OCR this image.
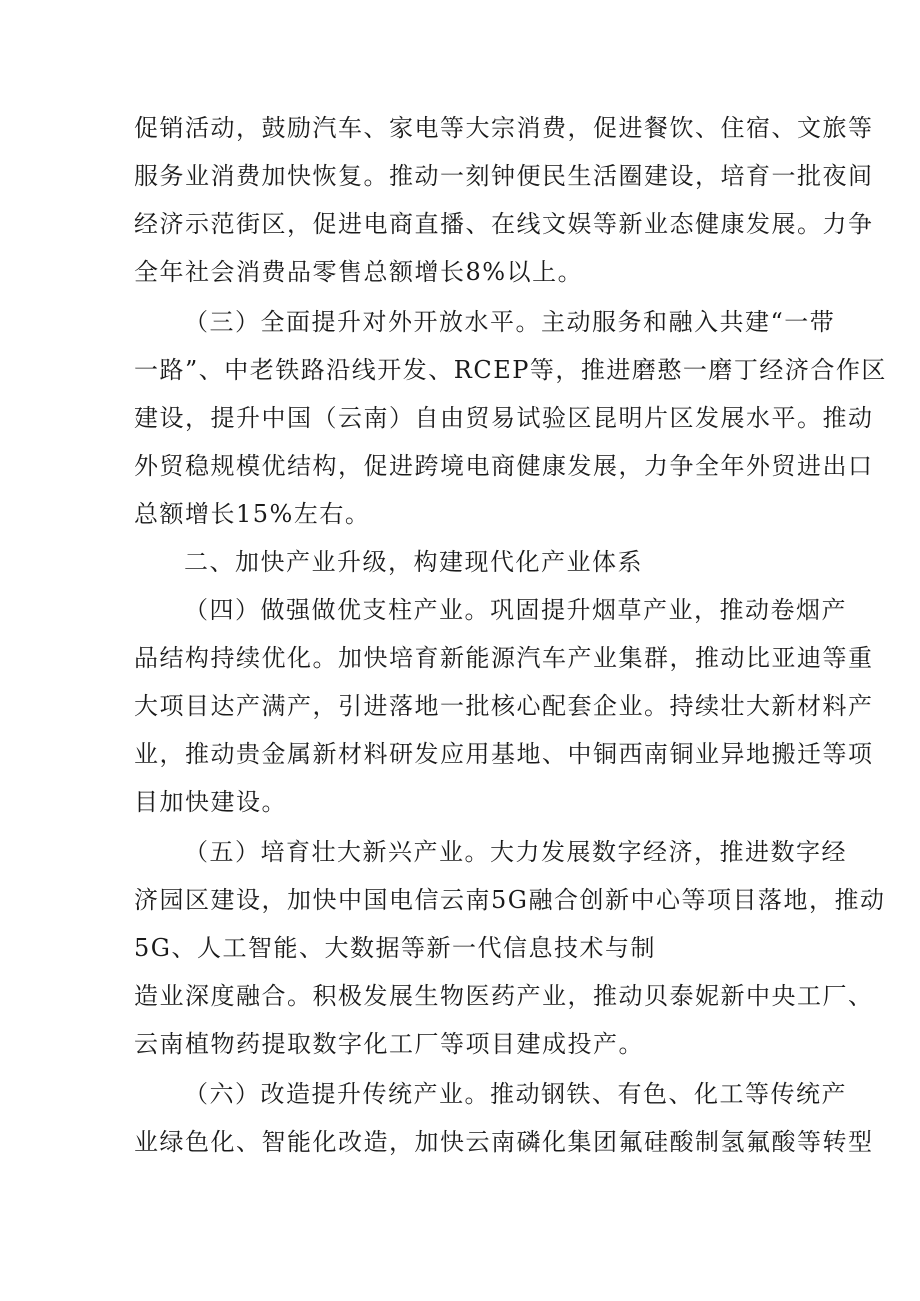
促销活动，鼓励汽车、家电等大宗消费，促进餐饮、住宿、文旅等
服务业消费加快恢复。推动一刻钟便民生活圈建设，培育一批夜间
经济示范街区，促进电商直播、在线文娱等新业态健康发展。力争
全年社会消费品零售总额增长8%以上。
（三）全面提升对外开放水平。主动服务和融入共建“一带
一路”、中老铁路沿线开发、RCEP等，推进磨憨一磨丁经济合作区
建设，提升中国（云南）自由贸易试验区昆明片区发展水平。推动
外贸稳规模优结构，促进跨境电商健康发展，力争全年外贸进出口
总额增长15%左右。
二、加快产业升级，构建现代化产业体系
（四）做强做优支柱产业。巩固提升烟草产业，推动卷烟产
品结构持续优化。加快培育新能源汽车产业集群，推动比亚迪等重
大项目达产满产，引进落地一批核心配套企业。持续壮大新材料产
业，推动贵金属新材料研发应用基地、中铜西南铜业异地搬迁等项
目加快建设。
（五）培育壮大新兴产业。大力发展数字经济，推进数字经
济园区建设，加快中国电信云南5G融合创新中心等项目落地，推动
5G、人工智能、大数据等新一代信息技术与制
造业深度融合。积极发展生物医药产业，推动贝泰妮新中央工厂、
云南植物药提取数字化工厂等项目建成投产。
（六）改造提升传统产业。推动钢铁、有色、化工等传统产
业绿色化、智能化改造，加快云南磷化集团氟硅酸制氢氟酸等转型
